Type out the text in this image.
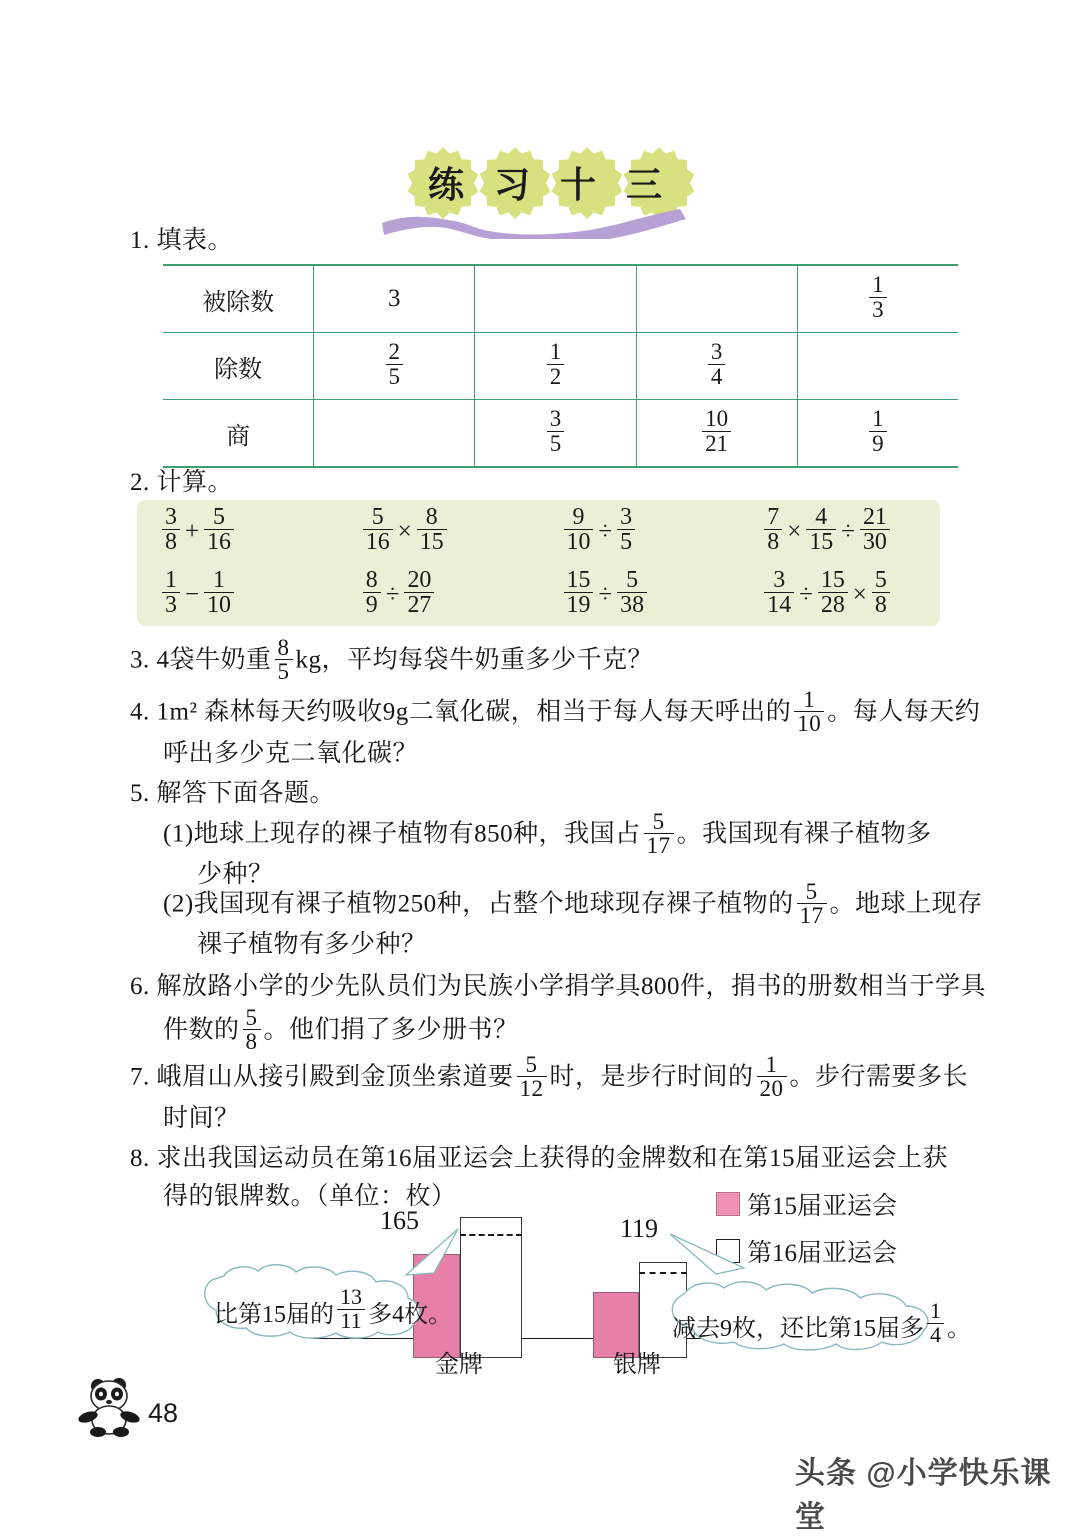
练 习 十 三
1. 填表。
被除数	3			$\frac{1}{3}$

除数	$\frac{2}{5}$	$\frac{1}{2}$	$\frac{3}{4}$

商		$\frac{3}{5}$	$\frac{10}{21}$	$\frac{1}{9}$
2. 计算。
$\frac{3}{8} + \frac{5}{16}$	$\frac{5}{16} \times \frac{8}{15}$	$\frac{9}{10} \div \frac{3}{5}$	$\frac{7}{8} \times \frac{4}{15} \div \frac{21}{30}$
$\frac{1}{3} - \frac{1}{10}$	$\frac{8}{9} \div \frac{20}{27}$	$\frac{15}{19} \div \frac{5}{38}$	$\frac{3}{14} \div \frac{15}{28} \times \frac{5}{8}$
3. 4袋牛奶重 $\frac{8}{5}$ kg，平均每袋牛奶重多少千克？
4. 1m² 森林每天约吸收9g二氧化碳，相当于每人每天呼出的 $\frac{1}{10}$ 。每人每天约
呼出多少克二氧化碳？
5. 解答下面各题。
(1)地球上现存的裸子植物有850种，我国占 $\frac{5}{17}$ 。我国现有裸子植物多
少种？
(2)我国现有裸子植物250种，占整个地球现存裸子植物的 $\frac{5}{17}$ 。地球上现存
裸子植物有多少种？
6. 解放路小学的少先队员们为民族小学捐学具800件，捐书的册数相当于学具
件数的 $\frac{5}{8}$ 。他们捐了多少册书？
7. 峨眉山从接引殿到金顶坐索道要 $\frac{5}{12}$ 时，是步行时间的 $\frac{1}{20}$ 。步行需要多长
时间？
8. 求出我国运动员在第16届亚运会上获得的金牌数和在第15届亚运会上获
得的银牌数。（单位：枚）	第15届亚运会
第16届亚运会
165
金牌
119
银牌
比第15届的 $\frac{13}{11}$ 多4枚。
减去9枚，还比第15届多 $\frac{1}{4}$ 。
48
头条 @小学快乐课堂
